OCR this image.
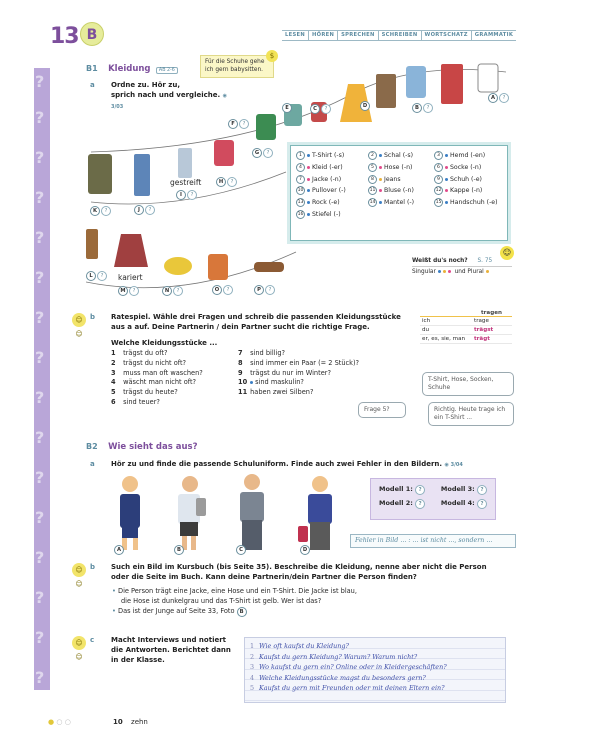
?
?
?
?
?
?
?
?
?
?
?
?
?
?
?
?
13 B	LESEN	HÖREN	SPRECHEN	SCHREIBEN	WORTSCHATZ	GRAMMATIK
B1 Kleidung AB 2-6
a	Ordne zu. Hör zu,
sprich nach und vergleiche. ◉ 3/03
Für die Schuhe gehe ich gern babysitten.
$
E	C ?	D	B ?
A ?
G ?
F ?
K ?	J ?
gestreift
I ?
H ?
L ?	kariert
M ?	N ?	O ?	P ?
1	T-Shirt (-s)	2	Schal (-s)	3	Hemd (-en)
4	Kleid (-er)	5	Hose (-n)	6	Socke (-n)
7	Jacke (-n)	8	Jeans	9	Schuh (-e)
10 Pullover (-)	11 Bluse (-n)	12 Kappe (-n)
13 Rock (-e)	14 Mantel (-)	15 Handschuh (-e)
16 Stiefel (-)
☺
Weißt du's noch? S. 75
Singular	und Plural
☺☺
b	Ratespiel. Wähle drei Fragen und schreib die passenden Kleidungsstücke
aus a auf. Deine Partnerin / dein Partner sucht die richtige Frage.
Welche Kleidungsstücke ...
1 trägst du oft?
2 trägst du nicht oft?
3 muss man oft waschen?
4 wäscht man nicht oft?
5 trägst du heute?
6 sind teuer?
7 sind billig?
8 sind immer ein Paar (= 2 Stück)?
9 trägst du nur im Winter?
10 sind maskulin?
11 haben zwei Silben?
tragen
ich	trage
du	trägst
er, es, sie, man trägt
T-Shirt, Hose, Socken, Schuhe
Frage 5?	Richtig. Heute trage ich ein T-Shirt ...
B2 Wie sieht das aus?
a Hör zu und finde die passende Schuluniform. Finde auch zwei Fehler in den Bildern. ◉ 3/04
A	B	C	D
Modell 1: ?	Modell 3: ?
Modell 2: ?	Modell 4: ?
Fehler in Bild ... : ... ist nicht ..., sondern ...
☺☺
b	Such ein Bild im Kursbuch (bis Seite 35). Beschreibe die Kleidung, nenne aber nicht die Person
oder die Seite im Buch. Kann deine Partnerin/dein Partner die Person finden?
• Die Person trägt eine Jacke, eine Hose und ein T-Shirt. Die Jacke ist blau,
die Hose ist dunkelgrau und das T-Shirt ist gelb. Wer ist das?
• Das ist der Junge auf Seite 33, Foto B
☺☺
c	Macht Interviews und notiert
die Antworten. Berichtet dann
in der Klasse.
1 Wie oft kaufst du Kleidung?
2 Kaufst du gern Kleidung? Warum? Warum nicht?
3 Wo kaufst du gern ein? Online oder in Kleidergeschäften?
4 Welche Kleidungsstücke magst du besonders gern?
5 Kaufst du gern mit Freunden oder mit deinen Eltern ein?
● ○ ○	10 zehn
